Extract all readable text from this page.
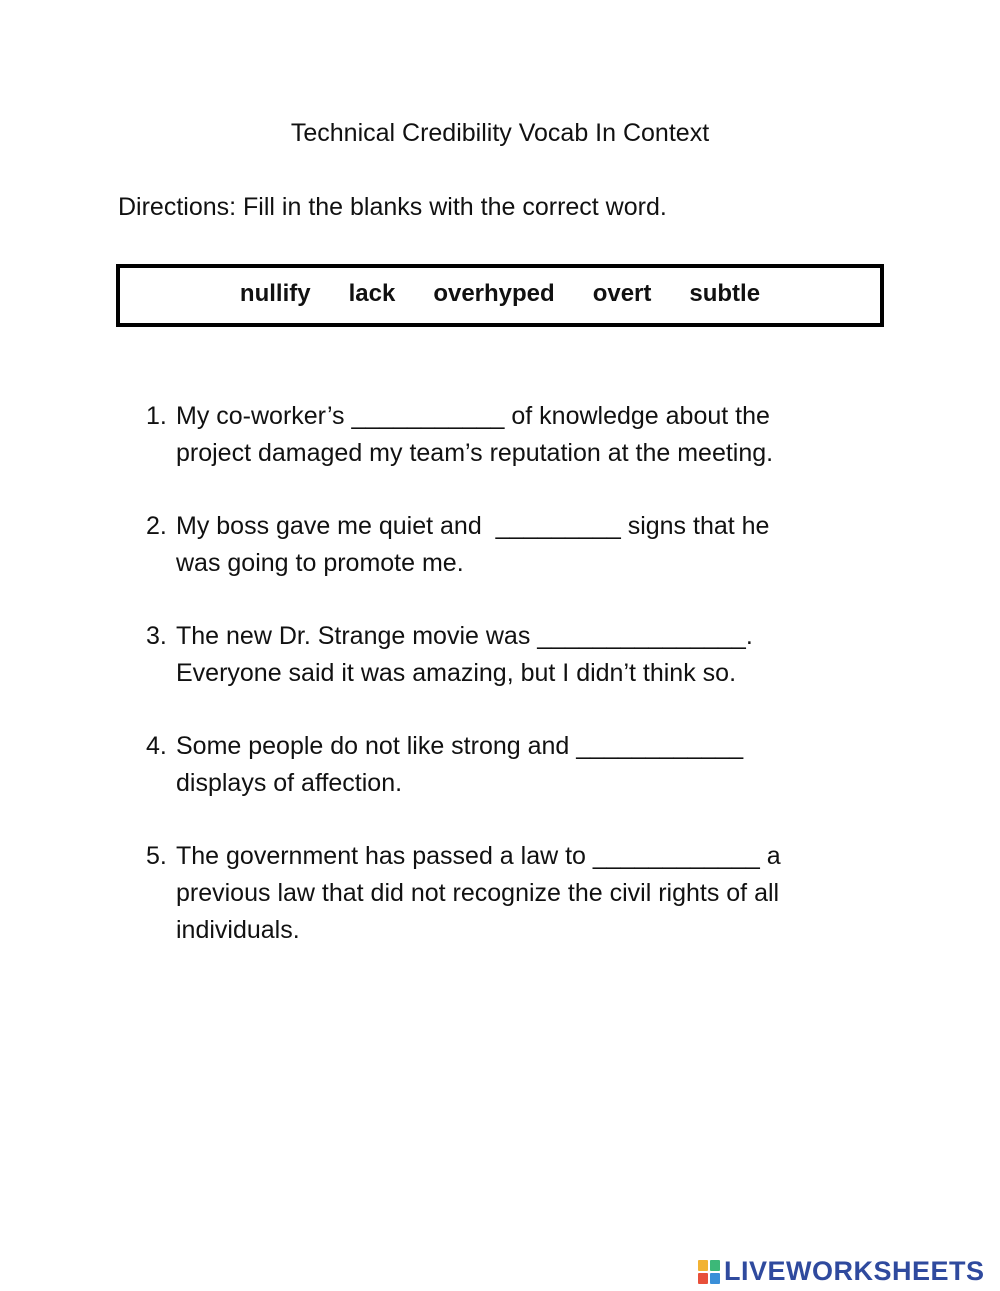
Technical Credibility Vocab In Context
Directions: Fill in the blanks with the correct word.
nullify lack overhyped overt subtle
1. My co-worker’s ___________ of knowledge about the
project damaged my team’s reputation at the meeting.
2. My boss gave me quiet and  _________ signs that he
was going to promote me.
3. The new Dr. Strange movie was _______________.
Everyone said it was amazing, but I didn’t think so.
4. Some people do not like strong and ____________
displays of affection.
5. The government has passed a law to ____________ a
previous law that did not recognize the civil rights of all
individuals.
LIVEWORKSHEETS
